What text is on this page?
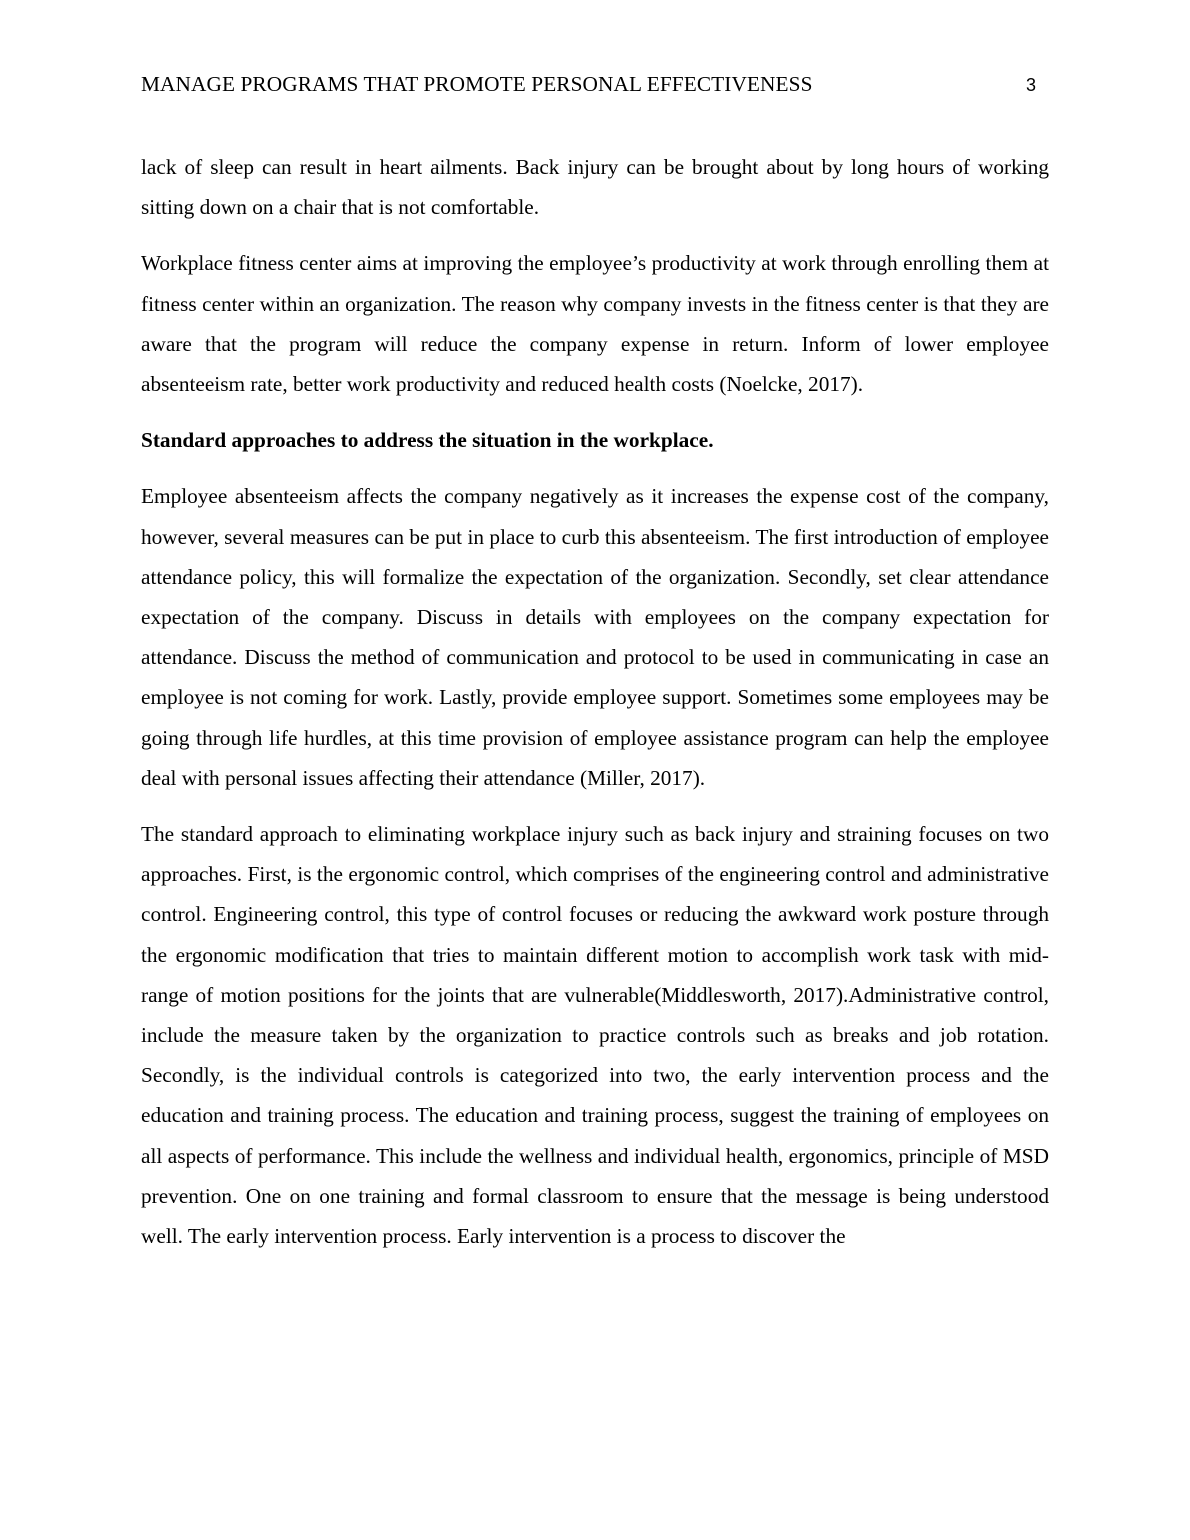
MANAGE PROGRAMS THAT PROMOTE PERSONAL EFFECTIVENESS	3

lack of sleep can result in heart ailments. Back injury can be brought about by long hours of working sitting down on a chair that is not comfortable.

Workplace fitness center aims at improving the employee’s productivity at work through enrolling them at fitness center within an organization. The reason why company invests in the fitness center is that they are aware that the program will reduce the company expense in return. Inform of lower employee absenteeism rate, better work productivity and reduced health costs (Noelcke, 2017).

Standard approaches to address the situation in the workplace.

Employee absenteeism affects the company negatively as it increases the expense cost of the company, however, several measures can be put in place to curb this absenteeism. The first introduction of employee attendance policy, this will formalize the expectation of the organization. Secondly, set clear attendance expectation of the company. Discuss in details with employees on the company expectation for attendance. Discuss the method of communication and protocol to be used in communicating in case an employee is not coming for work. Lastly, provide employee support. Sometimes some employees may be going through life hurdles, at this time provision of employee assistance program can help the employee deal with personal issues affecting their attendance (Miller, 2017).

The standard approach to eliminating workplace injury such as back injury and straining focuses on two approaches. First, is the ergonomic control, which comprises of the engineering control and administrative control. Engineering control, this type of control focuses or reducing the awkward work posture through the ergonomic modification that tries to maintain different motion to accomplish work task with mid-range of motion positions for the joints that are vulnerable(Middlesworth, 2017).Administrative control, include the measure taken by the organization to practice controls such as breaks and job rotation. Secondly, is the individual controls is categorized into two, the early intervention process and the education and training process. The education and training process, suggest the training of employees on all aspects of performance. This include the wellness and individual health, ergonomics, principle of MSD prevention. One on one training and formal classroom to ensure that the message is being understood well. The early intervention process. Early intervention is a process to discover the
